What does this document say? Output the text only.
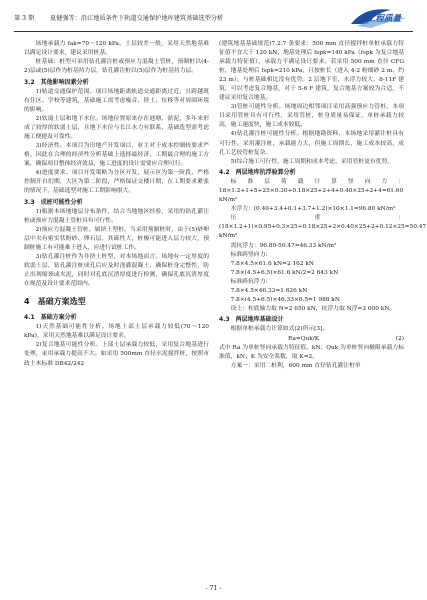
第 3 期	夏健强等：沿江地质条件下轨道交通保护地库建筑基础选型分析	工程质量

场地承载力 fak=70～120 kPa，土层较差一般，采用天然地基难以满足设计要求，建议采用桩基。

桩基础：桩型可采用钻孔灌注桩或预应力混凝土管桩，预制桩以(4-2)层或(5)层作为桩基持力层，钻孔灌注桩以(5)层作为桩基持力层。

3.2　其他影响因素分析

1)轨道交通保护范围。项目场地距离轨道交通距离过近，且跨越既有住区、学校等建筑，基础施工需考虑噪音、挤土、位移等对周围环境的影响。

2)软弱土层和地下水位。场地位置原来存在池塘、淤泥，多年来形成了较厚的软弱土层，且地下水位与长江水力有联系，基础选型需考虑施工便捷及可靠性。

3)经济性。本项目为房地产开发项目，业主对于成本控制较要求严格，因此在合理的经济性分析基础上选择最经济、工期最合理的施工方案，确保项目整体经济效益，施工进度的设计需要应合理可行。

4)进度要求。项目开发策略为分区开发，展示区为第一阶段，严格控制开自们期，大区为第二阶段，严格保证交楼日期，在工期要求紧张的情况下，基础选型对施工工期影响很大。

3.3　成桩可能性分析

1)根据本场地地层分布条件，结合当地地区经验，采用的钻孔灌注桩或预应力混凝土管桩具有可行性。

2)预应力混凝土管桩。属挤土型桩。当采用预制桩时，由于(5)砂卵层中夹有密实状粉砂、卵石层，其砾性大，桩极可能进入层力较大，预制桩施工有可能难于进入，应进行试桩工作。

3)钻孔灌注桩作为非挤土桩型，对本场地而言，场地有一定厚度的软弱土层，钻孔灌注桩成孔后应及时浇灌混凝土，确保桩身完整性，防止出现缩颈或夹泥，同时对孔底沉渣厚度进行检测，确保孔底沉渣厚度在规范及设计要求范围内。

4　基础方案选型

4.1　基础方案分析

1)天然基础可能性分析。场地上部土层承载力较低(70～120 kPa)，采用天然地基难以满足设计要求。

2)复合地基可能性分析。上部土层承载力较低，采用复合地基进行处理，采用承载力提高不大。如采用 500mm 直径水泥搅拌桩，按照市政土木标准 DB42/242

(建筑地基基础规范)7.2.7 条要求：500 mm 直径搅拌桩单桩承载力特征值不宜大于 120 kN，地基处理后 fspk=140 kPa（fspk 为复合地基承载力特征值），承载力不满足设计要求。若采用 500 mm 直径 CFG 桩，地基处理后 fspk=210 kPa，且按桩长（进入 4-2 粉细砂 2 m，约 23 m），与桩基础相比没有优势。2 层地下室，水浮力较大，8-11F 建筑，可以考虑复合地基，对于 5-6 F 建筑，复合地基方案较为合适，不建议采用复合地基。

3)管桩可能性分析。场地周边相邻项目采用高强预应力管桩，本项目采用管桩具有可行性，采用管桩，桩身质量易保证，单桩承载力较高，施工速度快，施工成本较低。

4)钻孔灌注桩可能性分析。根据地勘资料，本场地采用灌注桩具有可行性。采用灌注桩，承载能力大，但施工周期长，施工成本较高，成孔工艺较管桩复杂。

5)综合施工可行性，施工周期和成本考虑，采用管桩更有优势。

4.2　两层地库抗浮验算分析

标准层荷载计算竖向力：18×1.2+1+5+25×0.30+0.18×25+2+4+0.40×25+2+4=61.60 kN/m²

水浮力：(0.40+3.4+0.1+3.7+1.2)×10×1.1=96.80 kN/m²

压重：(18×1.2+1)×0.95+0.3×25+0.18×25+2×0.40×25+2+0.12×25=50.47 kN/m²

需抗浮力：96.80-50.47=46.33 kN/m²

标准跨竖向力：

7.8×4.5×61.6 kN=2 162 kN

7.8×(4.5+6.5)×61.6 kN/2=2 643 kN

标准跨抗浮力：

7.8×4.5×46.33=1 626 kN

7.8×(4.5+6.5)×46.33×0.5=1 988 kN

设上：柱底轴力取 N=2 650 kN，抗浮力取 N浮=2 000 kN。

4.3　两层地库基础设计

根据单桩承载力计算如式(2)所示[3]。

Ra=Quk/K	(2)

式中 Ra 为单桩竖向承载力特征值，kN；Quk 为单桩竖向极限承载力标准值，kN；K 为安全系数，取 K=2。

方案一：采用二桩利，600 mm 直径钻孔灌注桩单

- 71 -
